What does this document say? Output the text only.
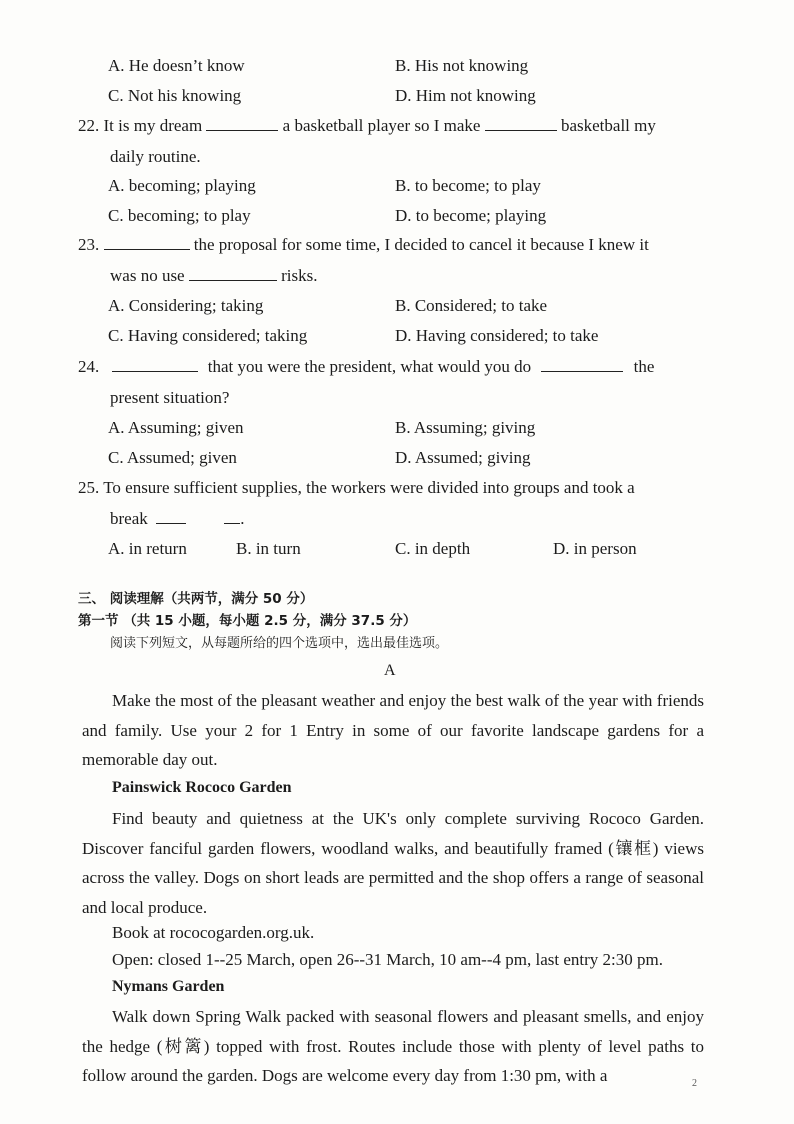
A. He doesn’t know	B. His not knowing
C. Not his knowing	D. Him not knowing
22. It is my dream	a basketball player so I make	basketball my
daily routine.
A. becoming; playing	B. to become; to play
C. becoming; to play	D. to become; playing
23.	the proposal for some time, I decided to cancel it because I knew it
was no use	risks.
A. Considering; taking	B. Considered; to take
C. Having considered; taking	D. Having considered; to take
24.	that you were the president, what would you do	the
present situation?
A. Assuming; given	B. Assuming; giving
C. Assumed; given	D. Assumed; giving
25. To ensure sufficient supplies, the workers were divided into groups and took a
break	.
A. in return	B. in turn	C. in depth	D. in person
三、 阅读理解（共两节，满分 50 分）
第一节 （共 15 小题，每小题 2.5 分，满分 37.5 分）
阅读下列短文，从每题所给的四个选项中，选出最佳选项。
A
Make the most of the pleasant weather and enjoy the best walk of the year with friends and family. Use your 2 for 1 Entry in some of our favorite landscape gardens for a memorable day out.
Painswick Rococo Garden
Find beauty and quietness at the UK's only complete surviving Rococo Garden. Discover fanciful garden flowers, woodland walks, and beautifully framed (镶框) views across the valley. Dogs on short leads are permitted and the shop offers a range of seasonal and local produce.
Book at rococogarden.org.uk.
Open: closed 1--25 March, open 26--31 March, 10 am--4 pm, last entry 2:30 pm.
Nymans Garden
Walk down Spring Walk packed with seasonal flowers and pleasant smells, and enjoy the hedge (树篱) topped with frost. Routes include those with plenty of level paths to follow around the garden. Dogs are welcome every day from 1:30 pm, with a	2
